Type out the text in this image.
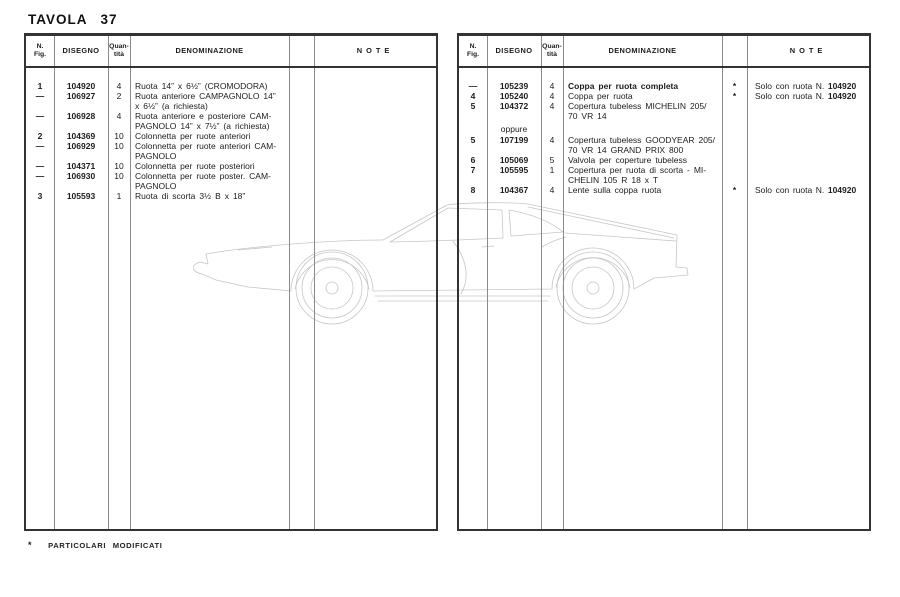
TAVOLA 37
N.
Fig.	DISEGNO	Quan-
tità	DENOMINAZIONE	NOTE
1	104920	4	Ruota 14” x 6½” (CROMODORA)
—	106927	2	Ruota anteriore CAMPAGNOLO 14”
x 6½” (a richiesta)
—	106928	4	Ruota anteriore e posteriore CAM-
PAGNOLO 14” x 7½” (a richiesta)
2	104369	10	Colonnetta per ruote anteriori
—	106929	10	Colonnetta per ruote anteriori CAM-
PAGNOLO
—	104371	10	Colonnetta per ruote posteriori
—	106930	10	Colonnetta per ruote poster. CAM-
PAGNOLO
3	105593	1	Ruota di scorta 3½ B x 18”
N.
Fig.	DISEGNO	Quan-
tità	DENOMINAZIONE	NOTE
—	105239	4	Coppa per ruota completa	*	Solo con ruota N. 104920
4	105240	4	Coppa per ruota	*	Solo con ruota N. 104920
5	104372	4	Copertura tubeless MICHELIN 205/
70 VR 14
oppure
5	107199	4	Copertura tubeless GOODYEAR 205/
70 VR 14 GRAND PRIX 800
6	105069	5	Valvola per coperture tubeless
7	105595	1	Copertura per ruota di scorta - MI-
CHELIN 105 R 18 x T
8	104367	4	Lente sulla coppa ruota	*	Solo con ruota N. 104920
* PARTICOLARI MODIFICATI
